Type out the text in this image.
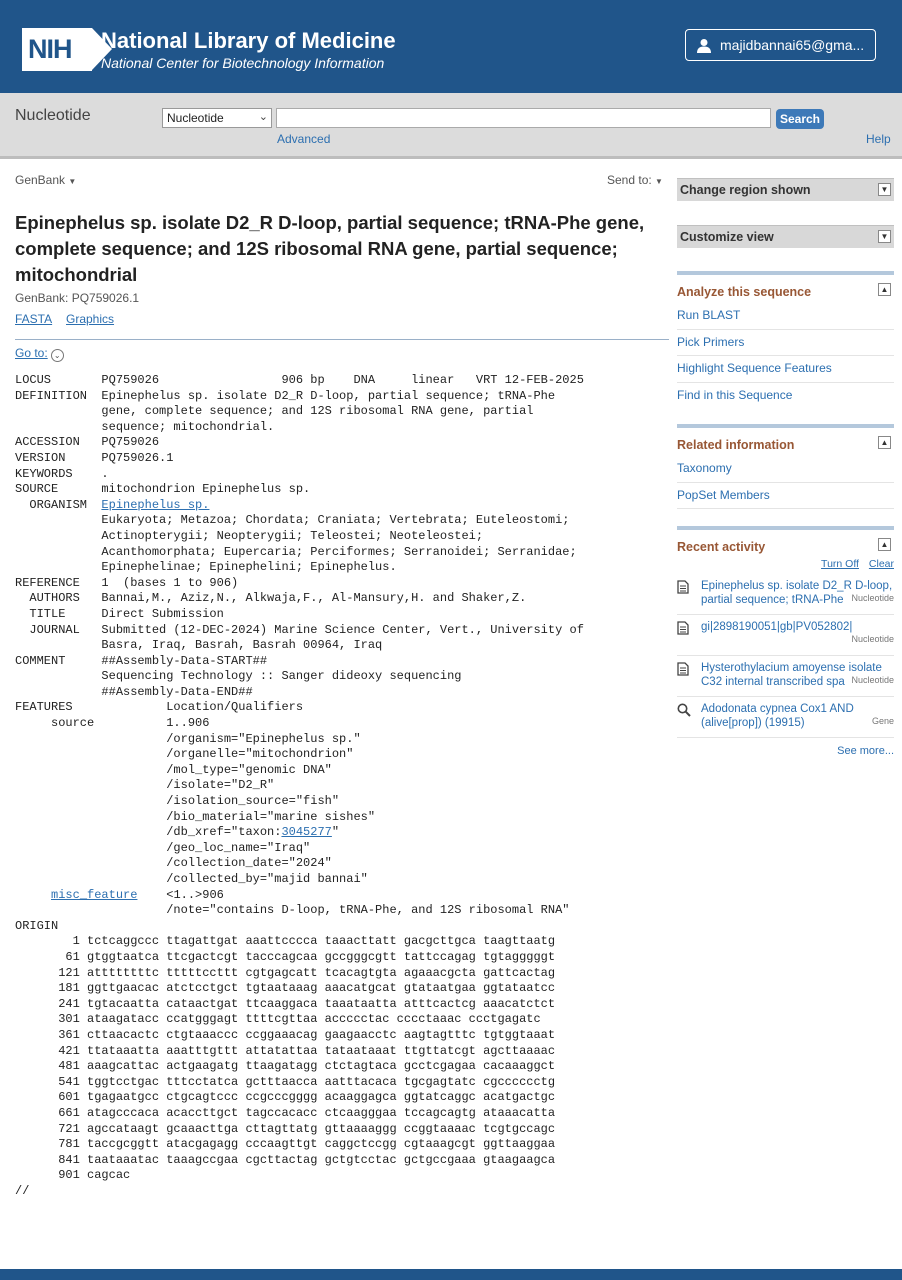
NIH	National Library of Medicine
National Center for Biotechnology Information
majidbannai65@gma...
Nucleotide	Nucleotide	⌄	Search
Advanced	Help
GenBank ▼	Send to: ▼
Epinephelus sp. isolate D2_R D-loop, partial sequence; tRNA-Phe gene, complete sequence; and 12S ribosomal RNA gene, partial sequence; mitochondrial
GenBank: PQ759026.1
FASTA Graphics
Go to: ⌄
LOCUS       PQ759026                 906 bp    DNA     linear   VRT 12-FEB-2025
DEFINITION  Epinephelus sp. isolate D2_R D-loop, partial sequence; tRNA-Phe
gene, complete sequence; and 12S ribosomal RNA gene, partial
sequence; mitochondrial.
ACCESSION   PQ759026
VERSION     PQ759026.1
KEYWORDS    .
SOURCE      mitochondrion Epinephelus sp.
ORGANISM  Epinephelus sp.
Eukaryota; Metazoa; Chordata; Craniata; Vertebrata; Euteleostomi;
Actinopterygii; Neopterygii; Teleostei; Neoteleostei;
Acanthomorphata; Eupercaria; Perciformes; Serranoidei; Serranidae;
Epinephelinae; Epinephelini; Epinephelus.
REFERENCE   1  (bases 1 to 906)
AUTHORS   Bannai,M., Aziz,N., Alkwaja,F., Al-Mansury,H. and Shaker,Z.
TITLE     Direct Submission
JOURNAL   Submitted (12-DEC-2024) Marine Science Center, Vert., University of
Basra, Iraq, Basrah, Basrah 00964, Iraq
COMMENT     ##Assembly-Data-START##
Sequencing Technology :: Sanger dideoxy sequencing
##Assembly-Data-END##
FEATURES             Location/Qualifiers
source          1..906
/organism="Epinephelus sp."
/organelle="mitochondrion"
/mol_type="genomic DNA"
/isolate="D2_R"
/isolation_source="fish"
/bio_material="marine sishes"
/db_xref="taxon:3045277"
/geo_loc_name="Iraq"
/collection_date="2024"
/collected_by="majid bannai"
misc_feature    <1..>906
/note="contains D-loop, tRNA-Phe, and 12S ribosomal RNA"
ORIGIN
1 tctcaggccc ttagattgat aaattcccca taaacttatt gacgcttgca taagttaatg
61 gtggtaatca ttcgactcgt tacccagcaa gccgggcgtt tattccagag tgtagggggt
121 attttttttc tttttccttt cgtgagcatt tcacagtgta agaaacgcta gattcactag
181 ggttgaacac atctcctgct tgtaataaag aaacatgcat gtataatgaa ggtataatcc
241 tgtacaatta cataactgat ttcaaggaca taaataatta atttcactcg aaacatctct
301 ataagatacc ccatgggagt ttttcgttaa accccctac cccctaaac ccctgagatc
361 cttaacactc ctgtaaaccc ccggaaacag gaagaacctc aagtagtttc tgtggtaaat
421 ttataaatta aaatttgttt attatattaa tataataaat ttgttatcgt agcttaaaac
481 aaagcattac actgaagatg ttaagatagg ctctagtaca gcctcgagaa cacaaaggct
541 tggtcctgac tttcctatca gctttaacca aatttacaca tgcgagtatc cgcccccctg
601 tgagaatgcc ctgcagtccc ccgcccgggg acaaggagca ggtatcaggc acatgactgc
661 atagcccaca acaccttgct tagccacacc ctcaagggaa tccagcagtg ataaacatta
721 agccataagt gcaaacttga cttagttatg gttaaaaggg ccggtaaaac tcgtgccagc
781 taccgcggtt atacgagagg cccaagttgt caggctccgg cgtaaagcgt ggttaaggaa
841 taataaatac taaagccgaa cgcttactag gctgtcctac gctgccgaaa gtaagaagca
901 cagcac
//
Change region shown	▼
Customize view	▼
Analyze this sequence	▲
Run BLAST
Pick Primers
Highlight Sequence Features
Find in this Sequence
Related information	▲
Taxonomy
PopSet Members
Recent activity	▲
Turn Off Clear
Epinephelus sp. isolate D2_R D-loop, partial sequence; tRNA-Phe Nucleotide
gi|2898190051|gb|PV052802|
Nucleotide
Hysterothylacium amoyense isolate C32 internal transcribed spa Nucleotide
Adodonata cypnea Cox1 AND (alive[prop]) (19915)	Gene
See more...
